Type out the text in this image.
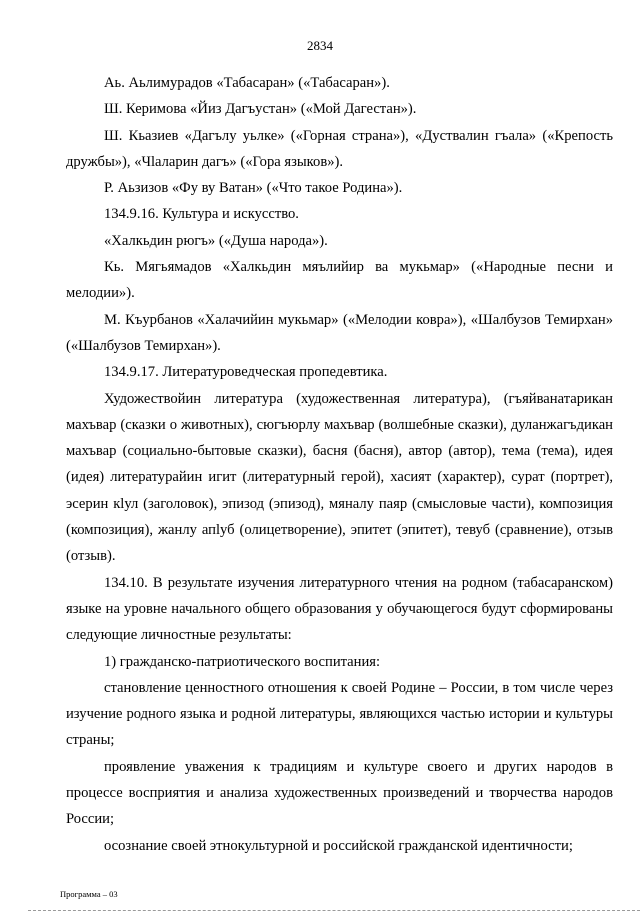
2834

Аь. Аьлимурадов «Табасаран» («Табасаран»).

Ш. Керимова «Йиз Дагъустан» («Мой Дагестан»).

Ш. Кьазиев «Дагълу уьлке» («Горная страна»), «Дуствалин гъала» («Крепость дружбы»), «Чlаларин дагъ» («Гора языков»).

Р. Аьзизов «Фу ву Ватан» («Что такое Родина»).

134.9.16. Культура и искусство.

«Халкьдин рюгъ» («Душа народа»).

Кь. Мягьямадов «Халкьдин мяълийир ва мукьмар» («Народные песни и мелодии»).

М. Къурбанов «Халачийин мукьмар» («Мелодии ковра»), «Шалбузов Темирхан» («Шалбузов Темирхан»).

134.9.17. Литературоведческая пропедевтика.

Художествойин литература (художественная литература), (гъяйванатарикан махъвар (сказки о животных), сюгъюрлу махъвар (волшебные сказки), дуланжагъдикан махъвар (социально-бытовые сказки), басня (басня), автор (автор), тема (тема), идея (идея) литературайин игит (литературный герой), хасият (характер), сурат (портрет), эсерин кlул (заголовок), эпизод (эпизод), мяналу паяр (смысловые части), композиция (композиция), жанлу апlуб (олицетворение), эпитет (эпитет), тевуб (сравнение), отзыв (отзыв).

134.10. В результате изучения литературного чтения на родном (табасаранском) языке на уровне начального общего образования у обучающегося будут сформированы следующие личностные результаты:

1) гражданско-патриотического воспитания:

становление ценностного отношения к своей Родине – России, в том числе через изучение родного языка и родной литературы, являющихся частью истории и культуры страны;

проявление уважения к традициям и культуре своего и других народов в процессе восприятия и анализа художественных произведений и творчества народов России;

осознание своей этнокультурной и российской гражданской идентичности;

Программа – 03
